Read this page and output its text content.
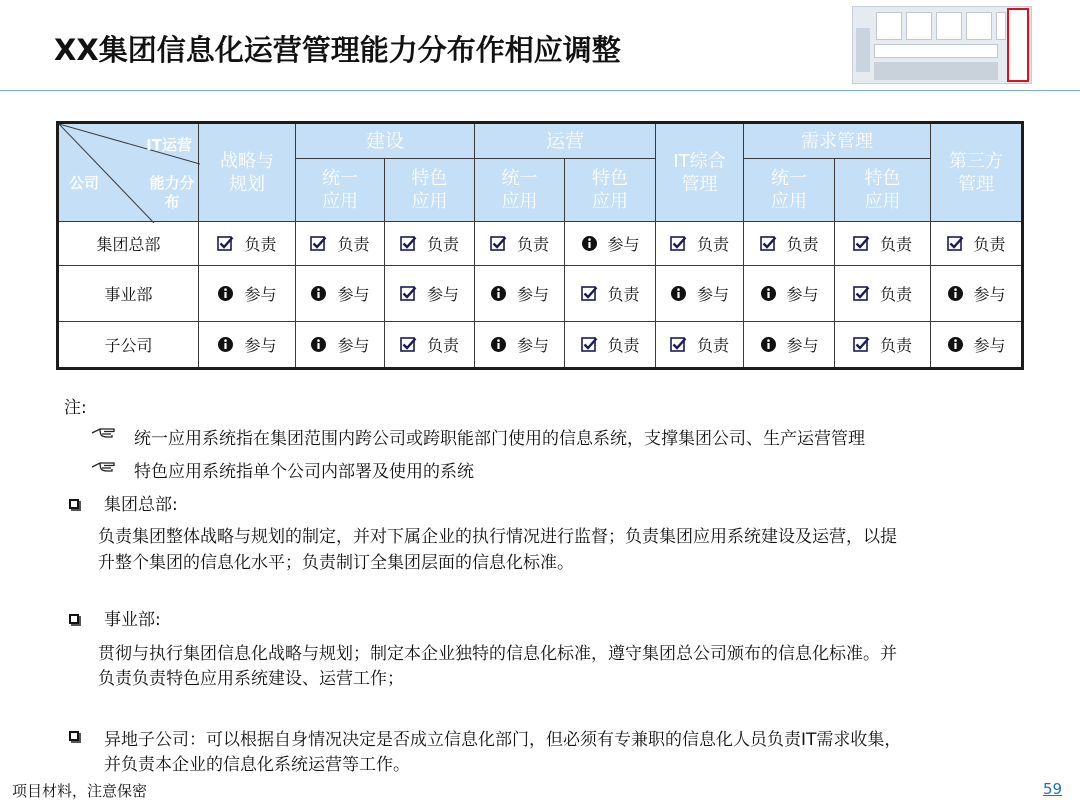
XX集团信息化运营管理能力分布作相应调整
IT运营
公司 能力分布	战略与规划	建设		运营		IT综合管理	需求管理		第三方管理

		统一应用	特色应用	统一应用	特色应用		统一应用	特色应用	

集团总部	负责	负责	负责	负责	参与	负责	负责	负责	负责

事业部	参与	参与	参与	参与	负责	参与	参与	负责	参与

子公司	参与	参与	负责	参与	负责	负责	参与	负责	参与
注:
统一应用系统指在集团范围内跨公司或跨职能部门使用的信息系统，支撑集团公司、生产运营管理
特色应用系统指单个公司内部署及使用的系统
集团总部:
负责集团整体战略与规划的制定，并对下属企业的执行情况进行监督；负责集团应用系统建设及运营，以提
升整个集团的信息化水平；负责制订全集团层面的信息化标准。
事业部:
贯彻与执行集团信息化战略与规划；制定本企业独特的信息化标准，遵守集团总公司颁布的信息化标准。并
负责负责特色应用系统建设、运营工作；
异地子公司：可以根据自身情况决定是否成立信息化部门，但必须有专兼职的信息化人员负责IT需求收集，
并负责本企业的信息化系统运营等工作。
项目材料，注意保密	59
